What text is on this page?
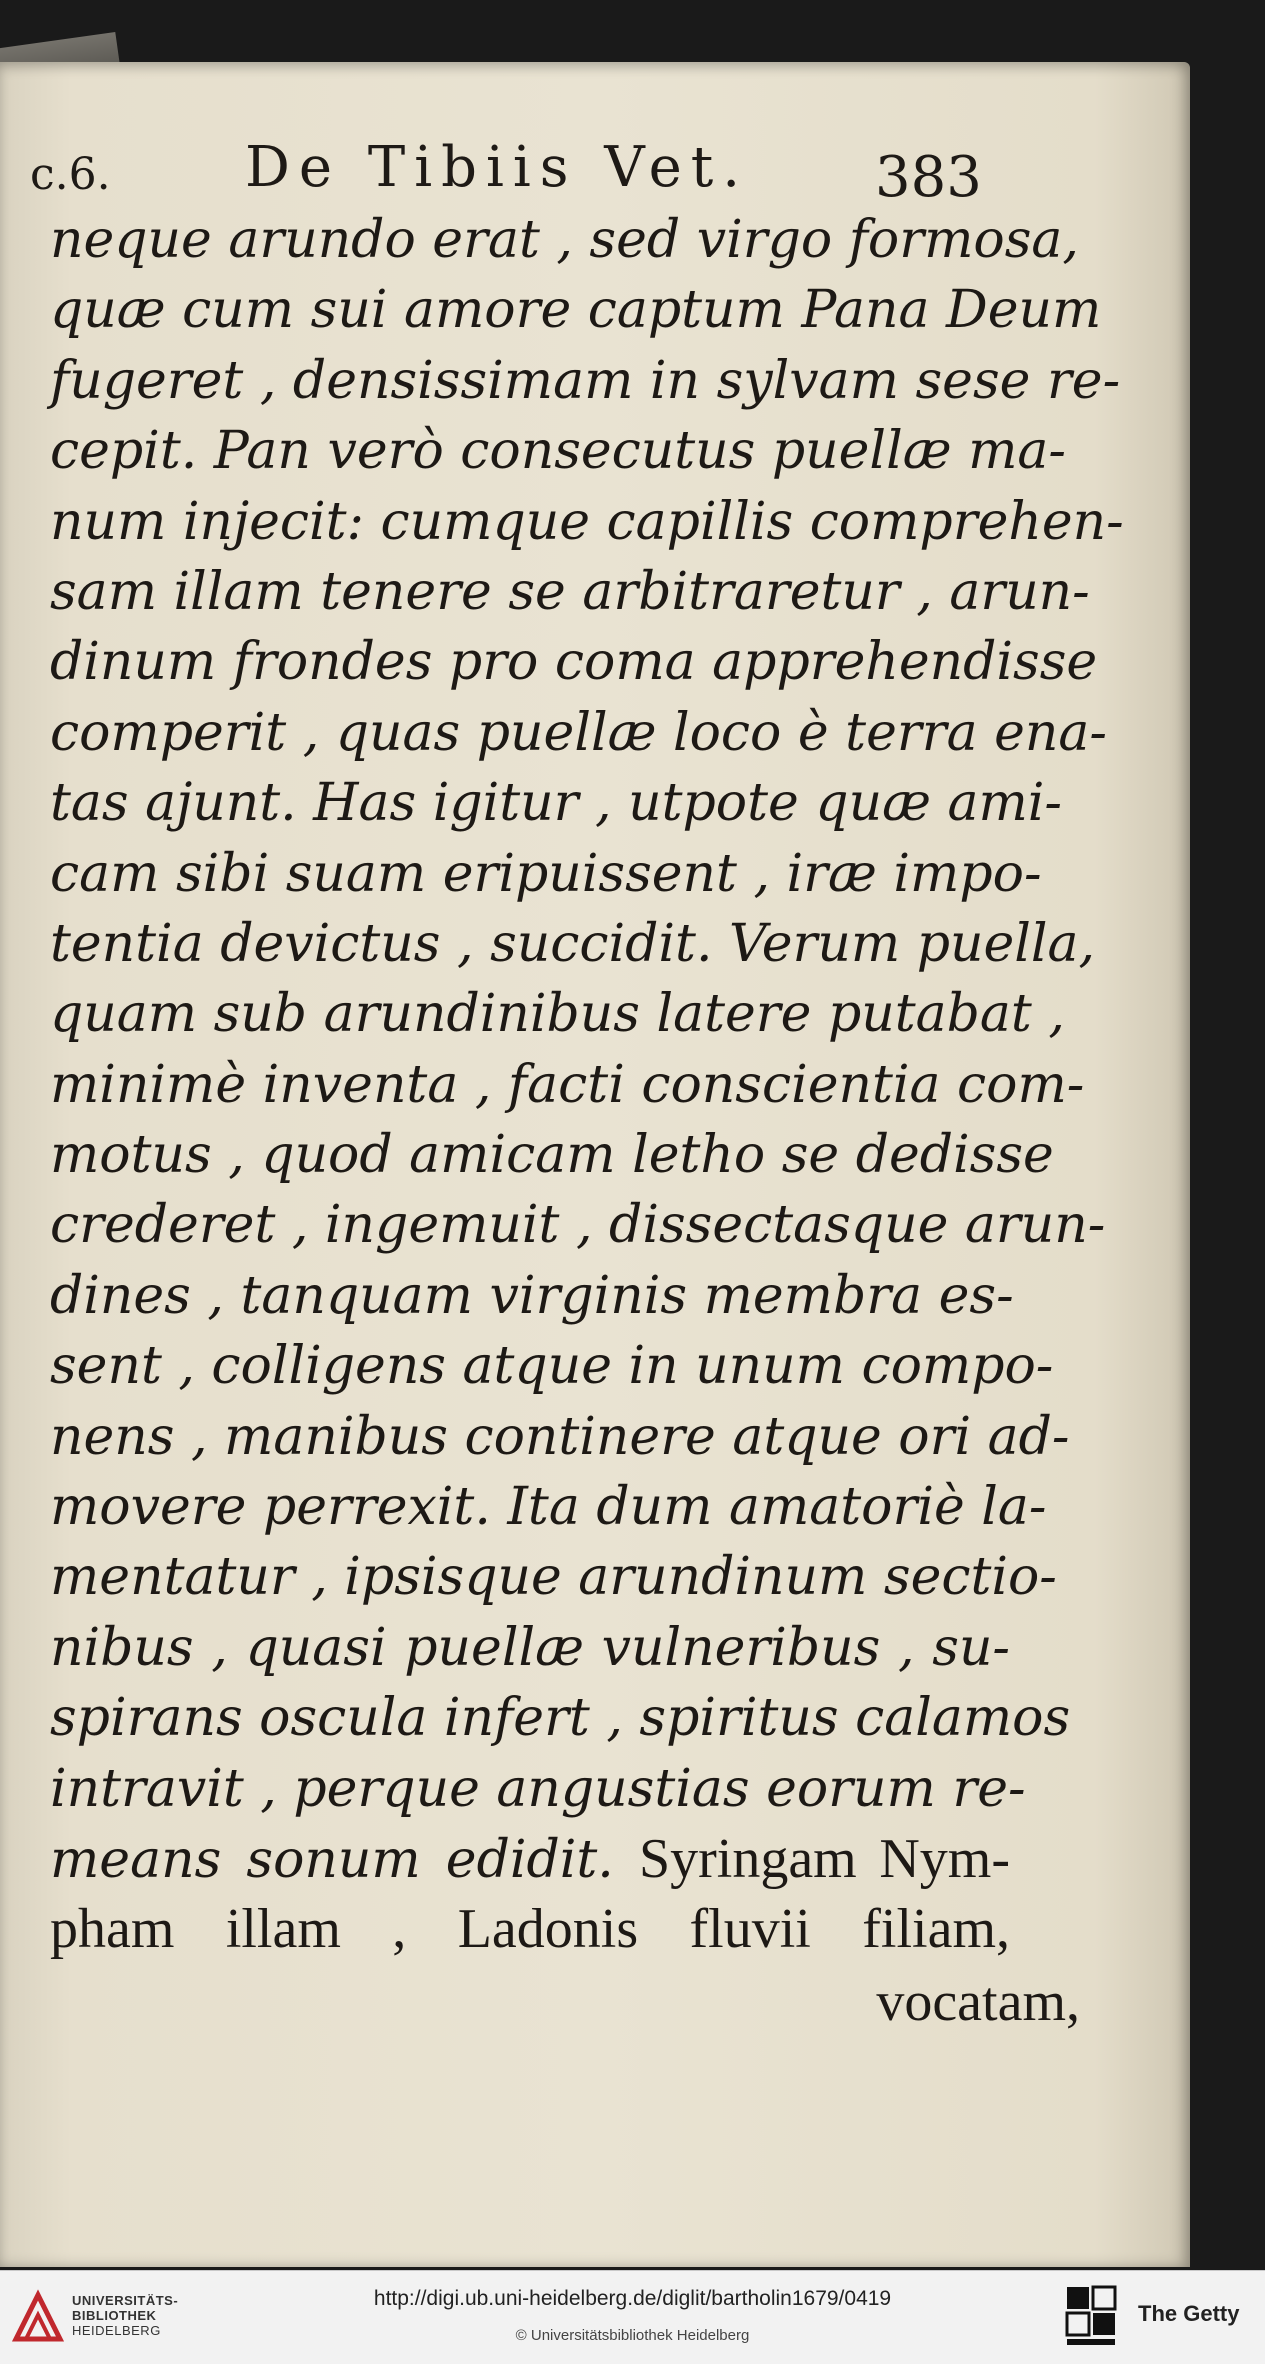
c.6. De Tibiis Vet. 383
neque arundo erat , sed virgo formosa,
quæ cum sui amore captum Pana Deum
fugeret , densissimam in sylvam sese re-
cepit. Pan verò consecutus puellæ ma-
num injecit: cumque capillis comprehen-
sam illam tenere se arbitraretur , arun-
dinum frondes pro coma apprehendisse
comperit , quas puellæ loco è terra ena-
tas ajunt. Has igitur , utpote quæ ami-
cam sibi suam eripuissent , iræ impo-
tentia devictus , succidit. Verum puella,
quam sub arundinibus latere putabat ,
minimè inventa , facti conscientia com-
motus , quod amicam letho se dedisse
crederet , ingemuit , dissectasque arun-
dines , tanquam virginis membra es-
sent , colligens atque in unum compo-
nens , manibus continere atque ori ad-
movere perrexit. Ita dum amatoriè la-
mentatur , ipsisque arundinum sectio-
nibus , quasi puellæ vulneribus , su-
spirans oscula infert , spiritus calamos
intravit , perque angustias eorum re-
means sonum edidit. Syringam Nym-
pham illam , Ladonis fluvii filiam,
vocatam,
UNIVERSITÄTS-
BIBLIOTHEK
HEIDELBERG
http://digi.ub.uni-heidelberg.de/diglit/bartholin1679/0419
© Universitätsbibliothek Heidelberg
The Getty
